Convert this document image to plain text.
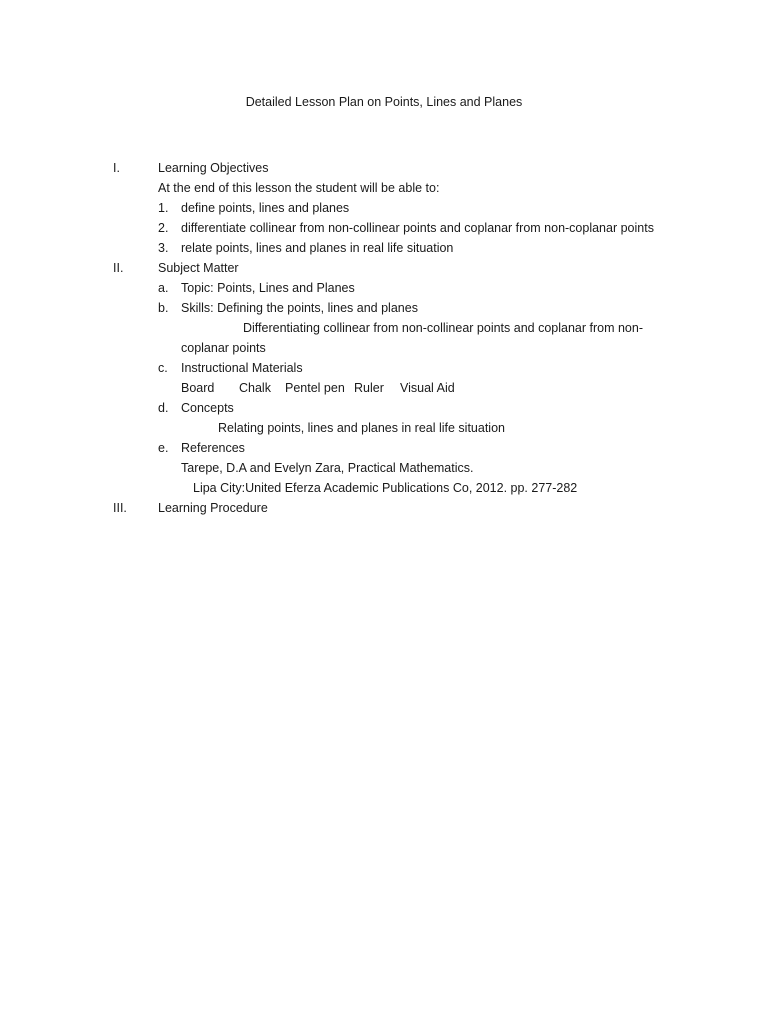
Detailed Lesson Plan on Points, Lines and Planes
I.	Learning Objectives
At the end of this lesson the student will be able to:
1. define points, lines and planes
2. differentiate collinear from non-collinear points and coplanar from non-coplanar points
3. relate points, lines and planes in real life situation
II.	Subject Matter
a. Topic: Points, Lines and Planes
b. Skills: Defining the points, lines and planes
Differentiating collinear from non-collinear points and coplanar from non-
coplanar points
c. Instructional Materials
Board Chalk Pentel pen Ruler Visual Aid
d. Concepts
Relating points, lines and planes in real life situation
e. References
Tarepe, D.A and Evelyn Zara, Practical Mathematics.
Lipa City:United Eferza Academic Publications Co, 2012. pp. 277-282
III. Learning Procedure
